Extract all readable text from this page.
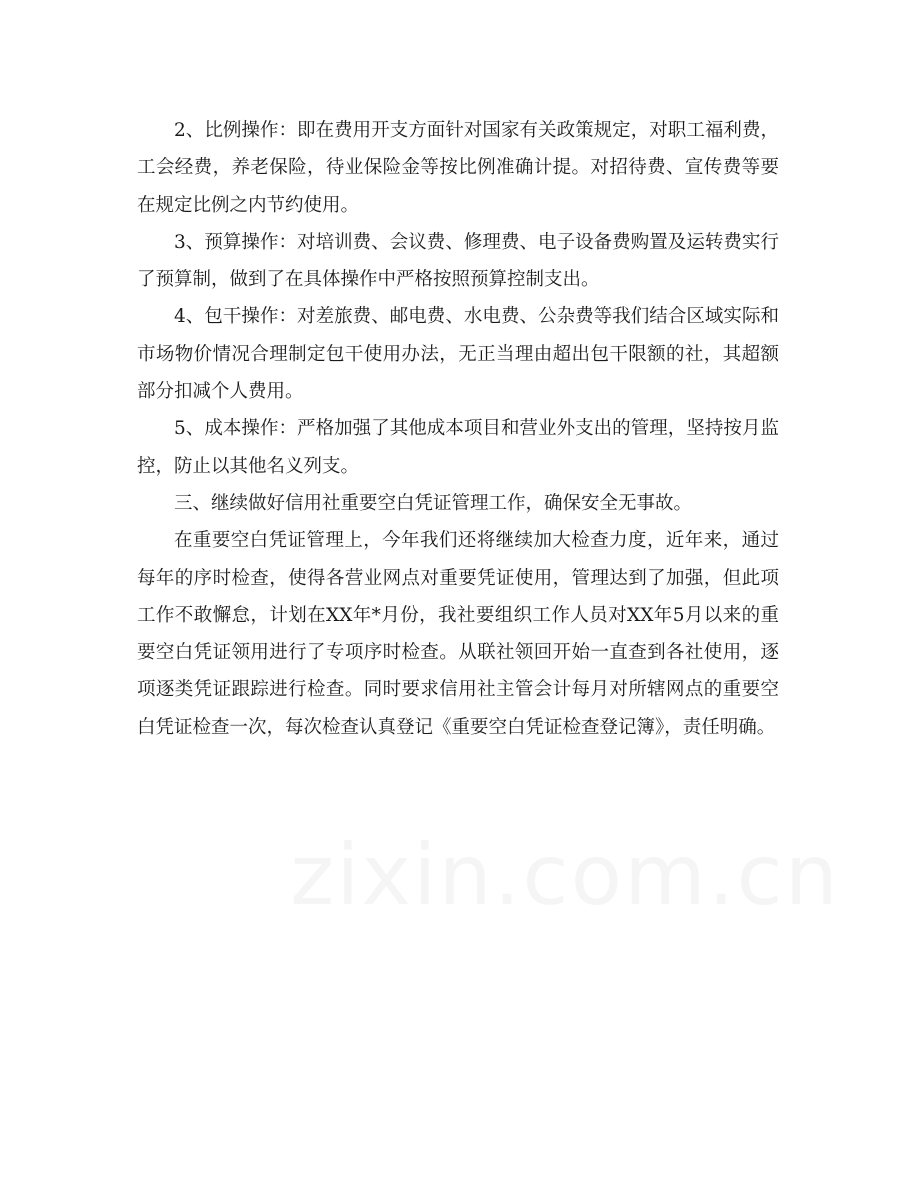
2、比例操作：即在费用开支方面针对国家有关政策规定，对职工福利费，工会经费，养老保险，待业保险金等按比例准确计提。对招待费、宣传费等要在规定比例之内节约使用。

3、预算操作：对培训费、会议费、修理费、电子设备费购置及运转费实行了预算制，做到了在具体操作中严格按照预算控制支出。

4、包干操作：对差旅费、邮电费、水电费、公杂费等我们结合区域实际和市场物价情况合理制定包干使用办法，无正当理由超出包干限额的社，其超额部分扣减个人费用。

5、成本操作：严格加强了其他成本项目和营业外支出的管理，坚持按月监控，防止以其他名义列支。

三、继续做好信用社重要空白凭证管理工作，确保安全无事故。

在重要空白凭证管理上，今年我们还将继续加大检查力度，近年来，通过每年的序时检查，使得各营业网点对重要凭证使用，管理达到了加强，但此项工作不敢懈怠，计划在XX年*月份，我社要组织工作人员对XX年5月以来的重要空白凭证领用进行了专项序时检查。从联社领回开始一直查到各社使用，逐项逐类凭证跟踪进行检查。同时要求信用社主管会计每月对所辖网点的重要空白凭证检查一次，每次检查认真登记《重要空白凭证检查登记簿》，责任明确。
